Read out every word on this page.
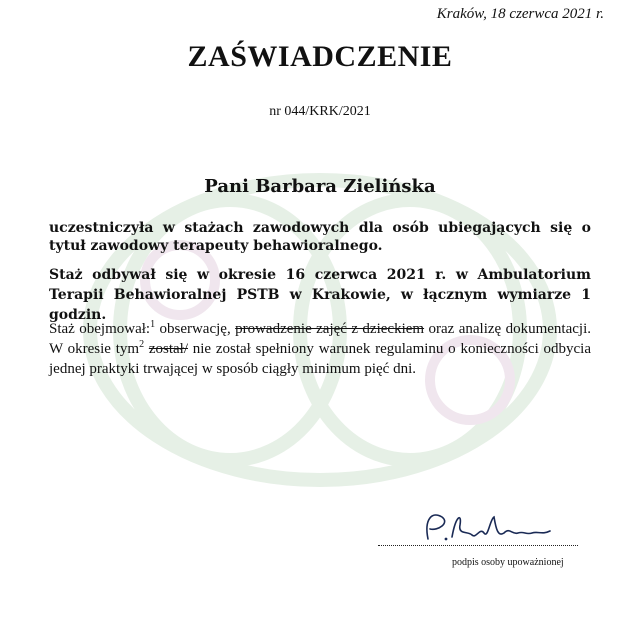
Kraków, 18 czerwca 2021 r.
ZAŚWIADCZENIE
nr 044/KRK/2021
Pani Barbara Zielińska
uczestniczyła w stażach zawodowych dla osób ubiegających się o tytuł zawodowy terapeuty behawioralnego.
Staż odbywał się w okresie 16 czerwca 2021 r. w Ambulatorium Terapii Behawioralnej PSTB w Krakowie, w łącznym wymiarze 1 godzin.
Staż obejmował:$^1$ obserwację, prowadzenie zajęć z dzieckiem oraz analizę dokumentacji. W okresie tym$^2$ został/ nie został spełniony warunek regulaminu o konieczności odbycia jednej praktyki trwającej w sposób ciągły minimum pięć dni.
podpis osoby upoważnionej
